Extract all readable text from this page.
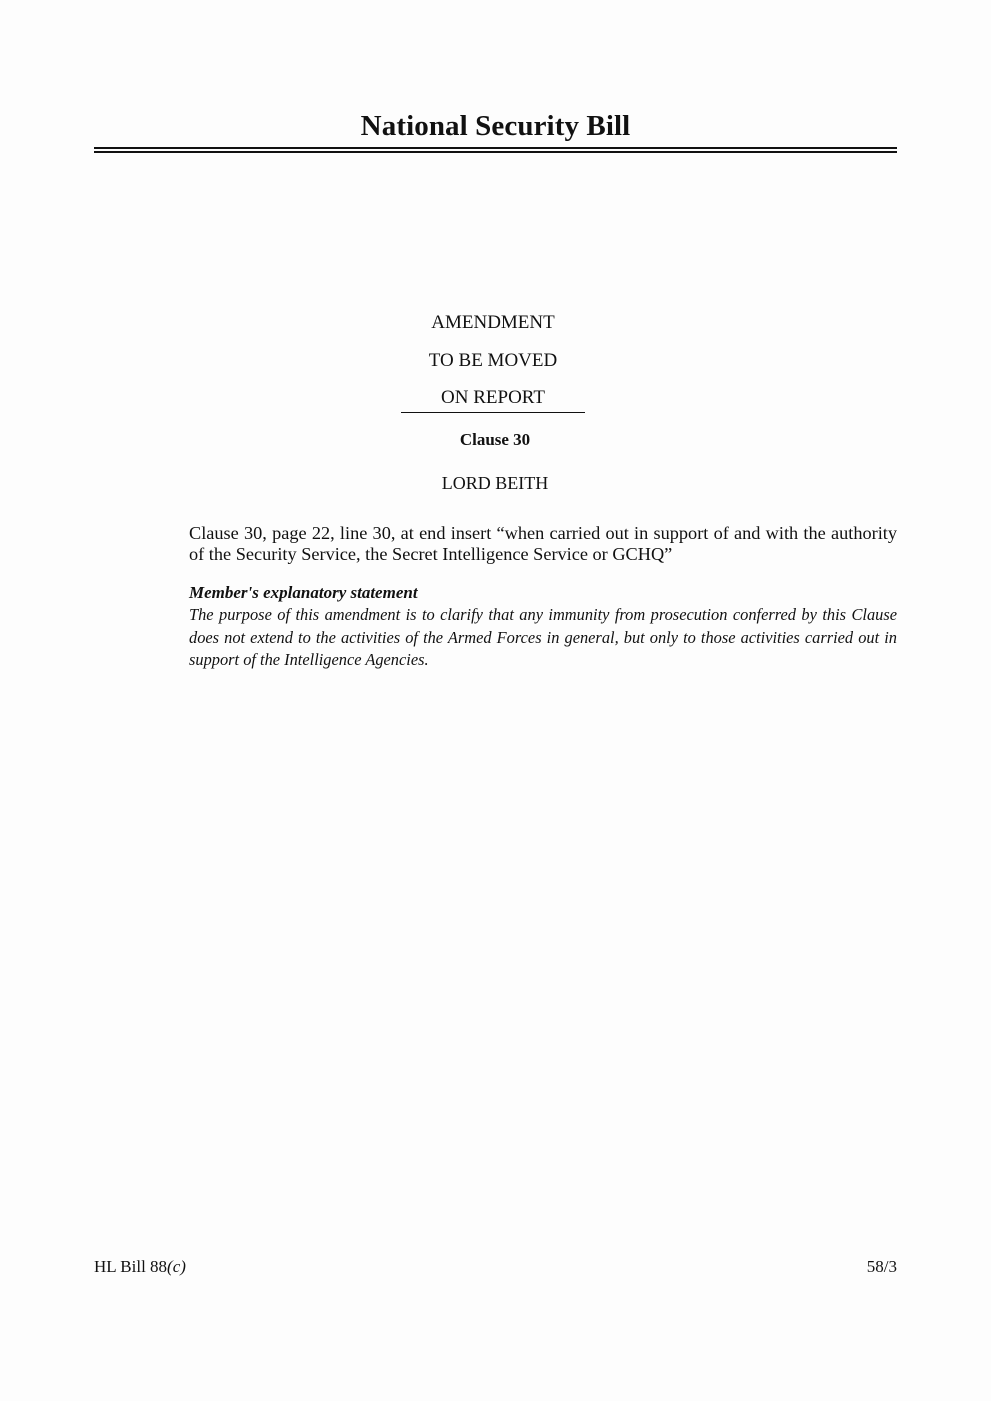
National Security Bill
AMENDMENT
TO BE MOVED
ON REPORT
Clause 30
LORD BEITH
Clause 30, page 22, line 30, at end insert “when carried out in support of and with the authority of the Security Service, the Secret Intelligence Service or GCHQ”
Member's explanatory statement
The purpose of this amendment is to clarify that any immunity from prosecution conferred by this Clause does not extend to the activities of the Armed Forces in general, but only to those activities carried out in support of the Intelligence Agencies.
HL Bill 88(c)	58/3
